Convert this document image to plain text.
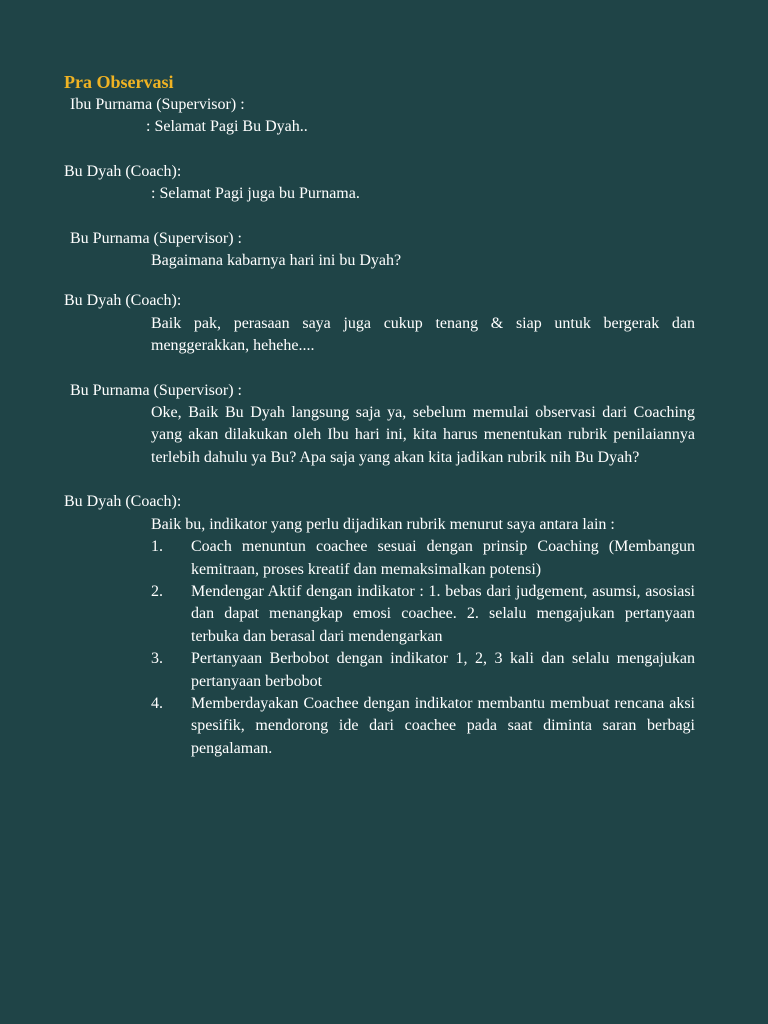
Pra Observasi
Ibu Purnama (Supervisor) :
: Selamat Pagi Bu Dyah..
Bu Dyah (Coach):
: Selamat Pagi juga bu Purnama.
Bu Purnama (Supervisor) :
Bagaimana kabarnya hari ini bu Dyah?
Bu Dyah (Coach):
Baik pak, perasaan saya juga cukup tenang & siap untuk bergerak dan menggerakkan, hehehe....
Bu Purnama (Supervisor) :
Oke, Baik Bu Dyah langsung saja ya, sebelum memulai observasi dari Coaching yang akan dilakukan oleh Ibu hari ini, kita harus menentukan rubrik penilaiannya terlebih dahulu ya Bu? Apa saja yang akan kita jadikan rubrik nih Bu Dyah?
Bu Dyah (Coach):
Baik bu, indikator yang perlu dijadikan rubrik menurut saya antara lain :
1.	Coach menuntun coachee sesuai dengan prinsip Coaching (Membangun kemitraan, proses kreatif dan memaksimalkan potensi)
2.	Mendengar Aktif dengan indikator : 1. bebas dari judgement, asumsi, asosiasi dan dapat menangkap emosi coachee. 2. selalu mengajukan pertanyaan terbuka dan berasal dari mendengarkan
3.	Pertanyaan Berbobot dengan indikator 1, 2, 3 kali dan selalu mengajukan pertanyaan berbobot
4.	Memberdayakan Coachee dengan indikator membantu membuat rencana aksi spesifik, mendorong ide dari coachee pada saat diminta saran berbagi pengalaman.
